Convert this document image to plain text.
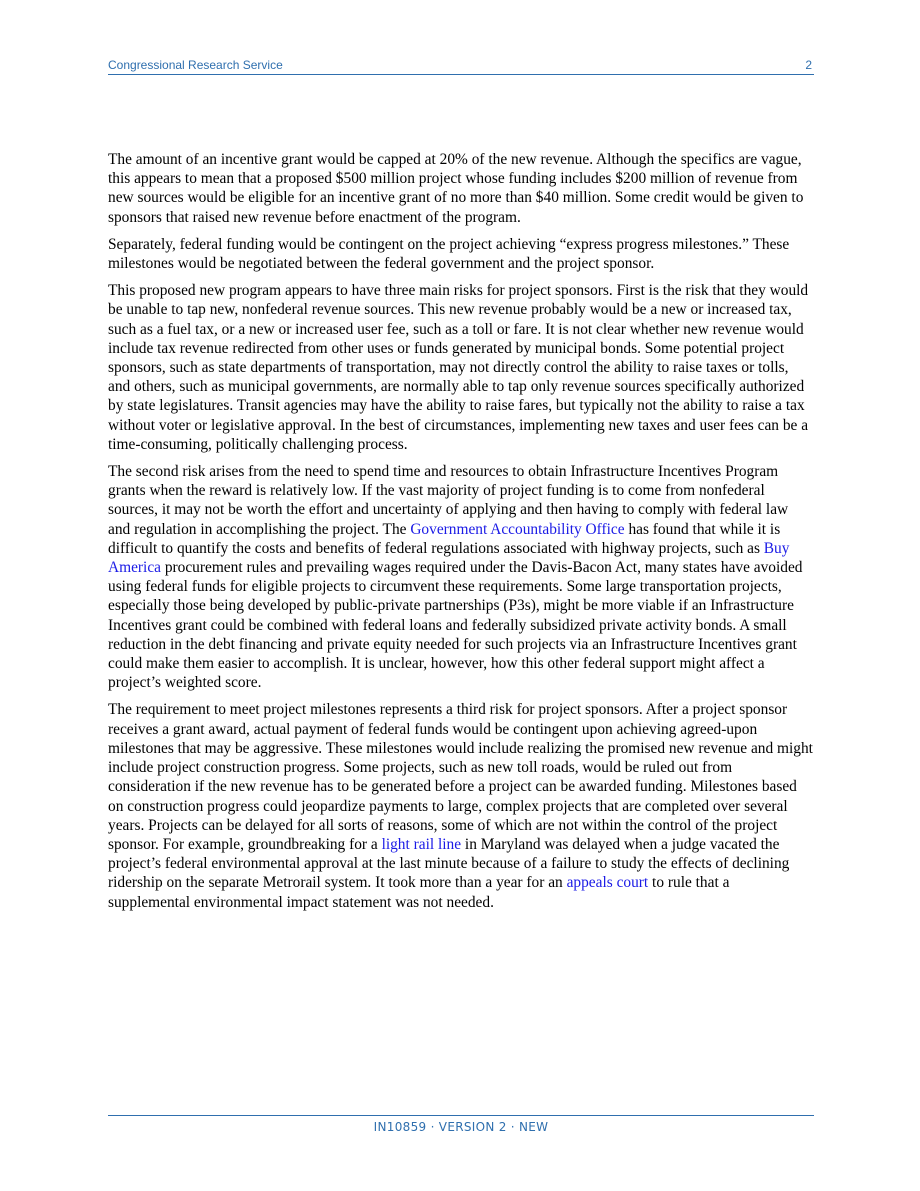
Congressional Research Service	2

The amount of an incentive grant would be capped at 20% of the new revenue. Although the specifics are vague, this appears to mean that a proposed $500 million project whose funding includes $200 million of revenue from new sources would be eligible for an incentive grant of no more than $40 million. Some credit would be given to sponsors that raised new revenue before enactment of the program.

Separately, federal funding would be contingent on the project achieving “express progress milestones.” These milestones would be negotiated between the federal government and the project sponsor.

This proposed new program appears to have three main risks for project sponsors. First is the risk that they would be unable to tap new, nonfederal revenue sources. This new revenue probably would be a new or increased tax, such as a fuel tax, or a new or increased user fee, such as a toll or fare. It is not clear whether new revenue would include tax revenue redirected from other uses or funds generated by municipal bonds. Some potential project sponsors, such as state departments of transportation, may not directly control the ability to raise taxes or tolls, and others, such as municipal governments, are normally able to tap only revenue sources specifically authorized by state legislatures. Transit agencies may have the ability to raise fares, but typically not the ability to raise a tax without voter or legislative approval. In the best of circumstances, implementing new taxes and user fees can be a time-consuming, politically challenging process.

The second risk arises from the need to spend time and resources to obtain Infrastructure Incentives Program grants when the reward is relatively low. If the vast majority of project funding is to come from nonfederal sources, it may not be worth the effort and uncertainty of applying and then having to comply with federal law and regulation in accomplishing the project. The Government Accountability Office has found that while it is difficult to quantify the costs and benefits of federal regulations associated with highway projects, such as Buy America procurement rules and prevailing wages required under the Davis-Bacon Act, many states have avoided using federal funds for eligible projects to circumvent these requirements. Some large transportation projects, especially those being developed by public-private partnerships (P3s), might be more viable if an Infrastructure Incentives grant could be combined with federal loans and federally subsidized private activity bonds. A small reduction in the debt financing and private equity needed for such projects via an Infrastructure Incentives grant could make them easier to accomplish. It is unclear, however, how this other federal support might affect a project’s weighted score.

The requirement to meet project milestones represents a third risk for project sponsors. After a project sponsor receives a grant award, actual payment of federal funds would be contingent upon achieving agreed-upon milestones that may be aggressive. These milestones would include realizing the promised new revenue and might include project construction progress. Some projects, such as new toll roads, would be ruled out from consideration if the new revenue has to be generated before a project can be awarded funding. Milestones based on construction progress could jeopardize payments to large, complex projects that are completed over several years. Projects can be delayed for all sorts of reasons, some of which are not within the control of the project sponsor. For example, groundbreaking for a light rail line in Maryland was delayed when a judge vacated the project’s federal environmental approval at the last minute because of a failure to study the effects of declining ridership on the separate Metrorail system. It took more than a year for an appeals court to rule that a supplemental environmental impact statement was not needed.

IN10859 · VERSION 2 · NEW
